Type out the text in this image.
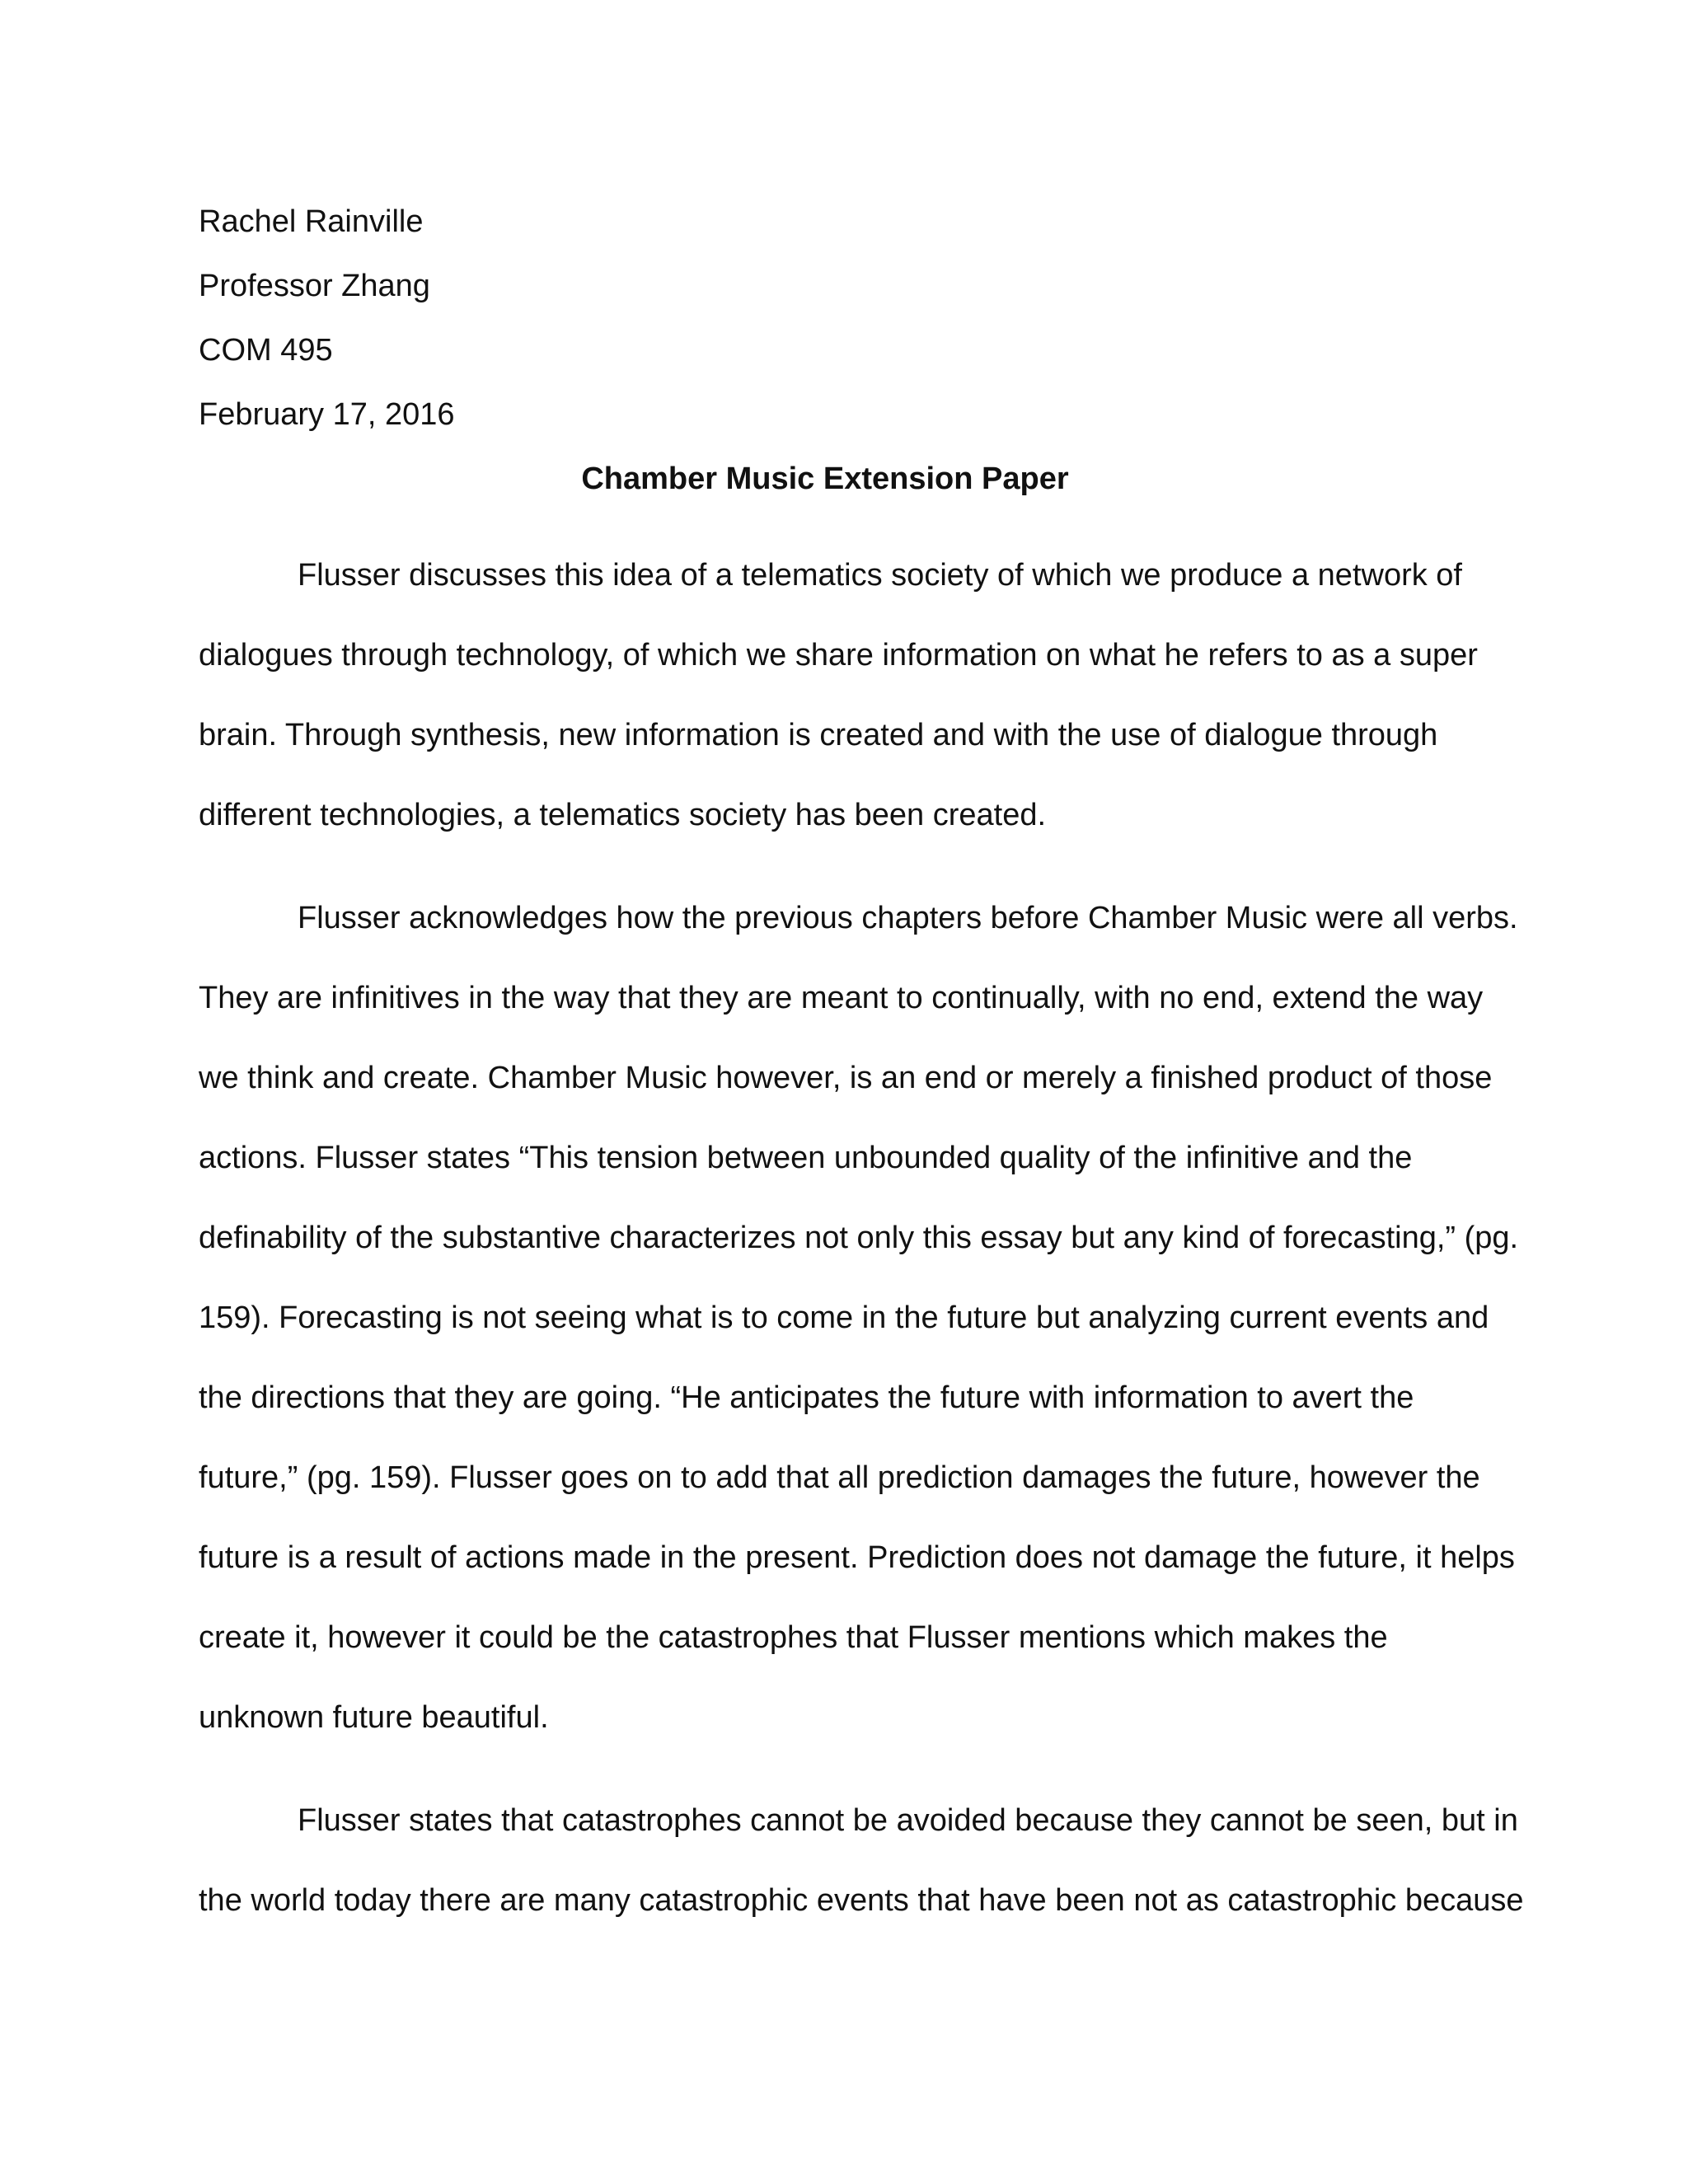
Rachel Rainville

Professor Zhang

COM 495

February 17, 2016

Chamber Music Extension Paper

Flusser discusses this idea of a telematics society of which we produce a network of
dialogues through technology, of which we share information on what he refers to as a super
brain. Through synthesis, new information is created and with the use of dialogue through
different technologies, a telematics society has been created.

Flusser acknowledges how the previous chapters before Chamber Music were all verbs.
They are infinitives in the way that they are meant to continually, with no end, extend the way
we think and create. Chamber Music however, is an end or merely a finished product of those
actions. Flusser states “This tension between unbounded quality of the infinitive and the
definability of the substantive characterizes not only this essay but any kind of forecasting,” (pg.
159). Forecasting is not seeing what is to come in the future but analyzing current events and
the directions that they are going. “He anticipates the future with information to avert the
future,” (pg. 159). Flusser goes on to add that all prediction damages the future, however the
future is a result of actions made in the present. Prediction does not damage the future, it helps
create it, however it could be the catastrophes that Flusser mentions which makes the
unknown future beautiful.

Flusser states that catastrophes cannot be avoided because they cannot be seen, but in
the world today there are many catastrophic events that have been not as catastrophic because
